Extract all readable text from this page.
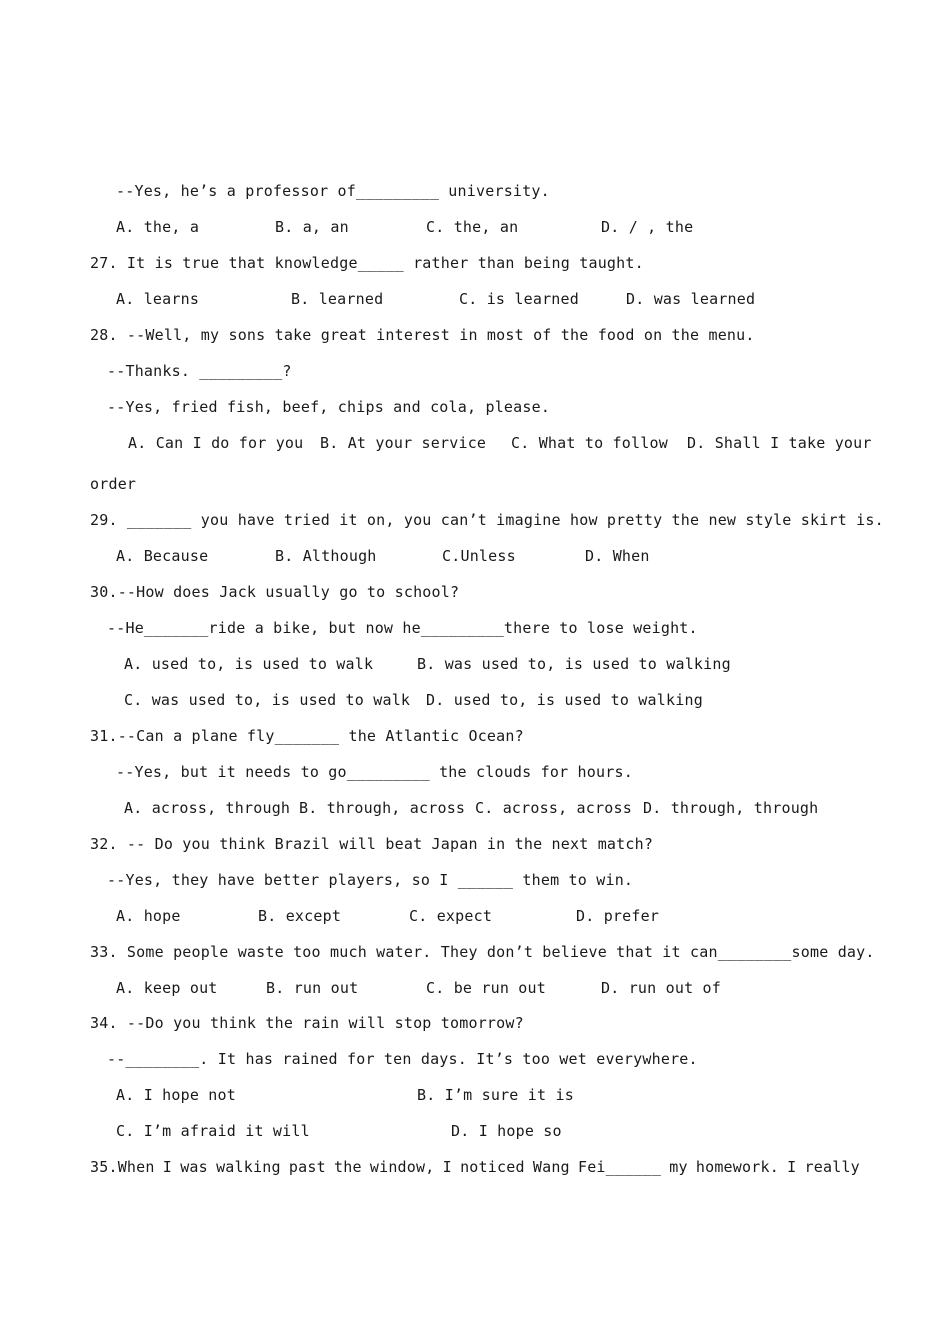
--Yes, he’s a professor of_________ university.
A. the, a	B. a, an	C. the, an	D. / , the
27. It is true that knowledge_____ rather than being taught.
A. learns	B. learned	C. is learned	D. was learned
28. --Well, my sons take great interest in most of the food on the menu.
--Thanks. _________?
--Yes, fried fish, beef, chips and cola, please.
A. Can I do for you B. At your service C. What to follow D. Shall I take your
order
29. _______ you have tried it on, you can’t imagine how pretty the new style skirt is.
A. Because	B. Although	C.Unless	D. When
30.--How does Jack usually go to school?
--He_______ride a bike, but now he_________there to lose weight.
A. used to, is used to walk	B. was used to, is used to walking
C. was used to, is used to walk D. used to, is used to walking
31.--Can a plane fly_______ the Atlantic Ocean?
--Yes, but it needs to go_________ the clouds for hours.
A. across, through B. through, across C. across, across D. through, through
32. -- Do you think Brazil will beat Japan in the next match?
--Yes, they have better players, so I ______ them to win.
A. hope	B. except	C. expect	D. prefer
33. Some people waste too much water. They don’t believe that it can________some day.
A. keep out	B. run out	C. be run out	D. run out of
34. --Do you think the rain will stop tomorrow?
--________. It has rained for ten days. It’s too wet everywhere.
A. I hope not	B. I’m sure it is
C. I’m afraid it will	D. I hope so
35.When I was walking past the window, I noticed Wang Fei______ my homework. I really
